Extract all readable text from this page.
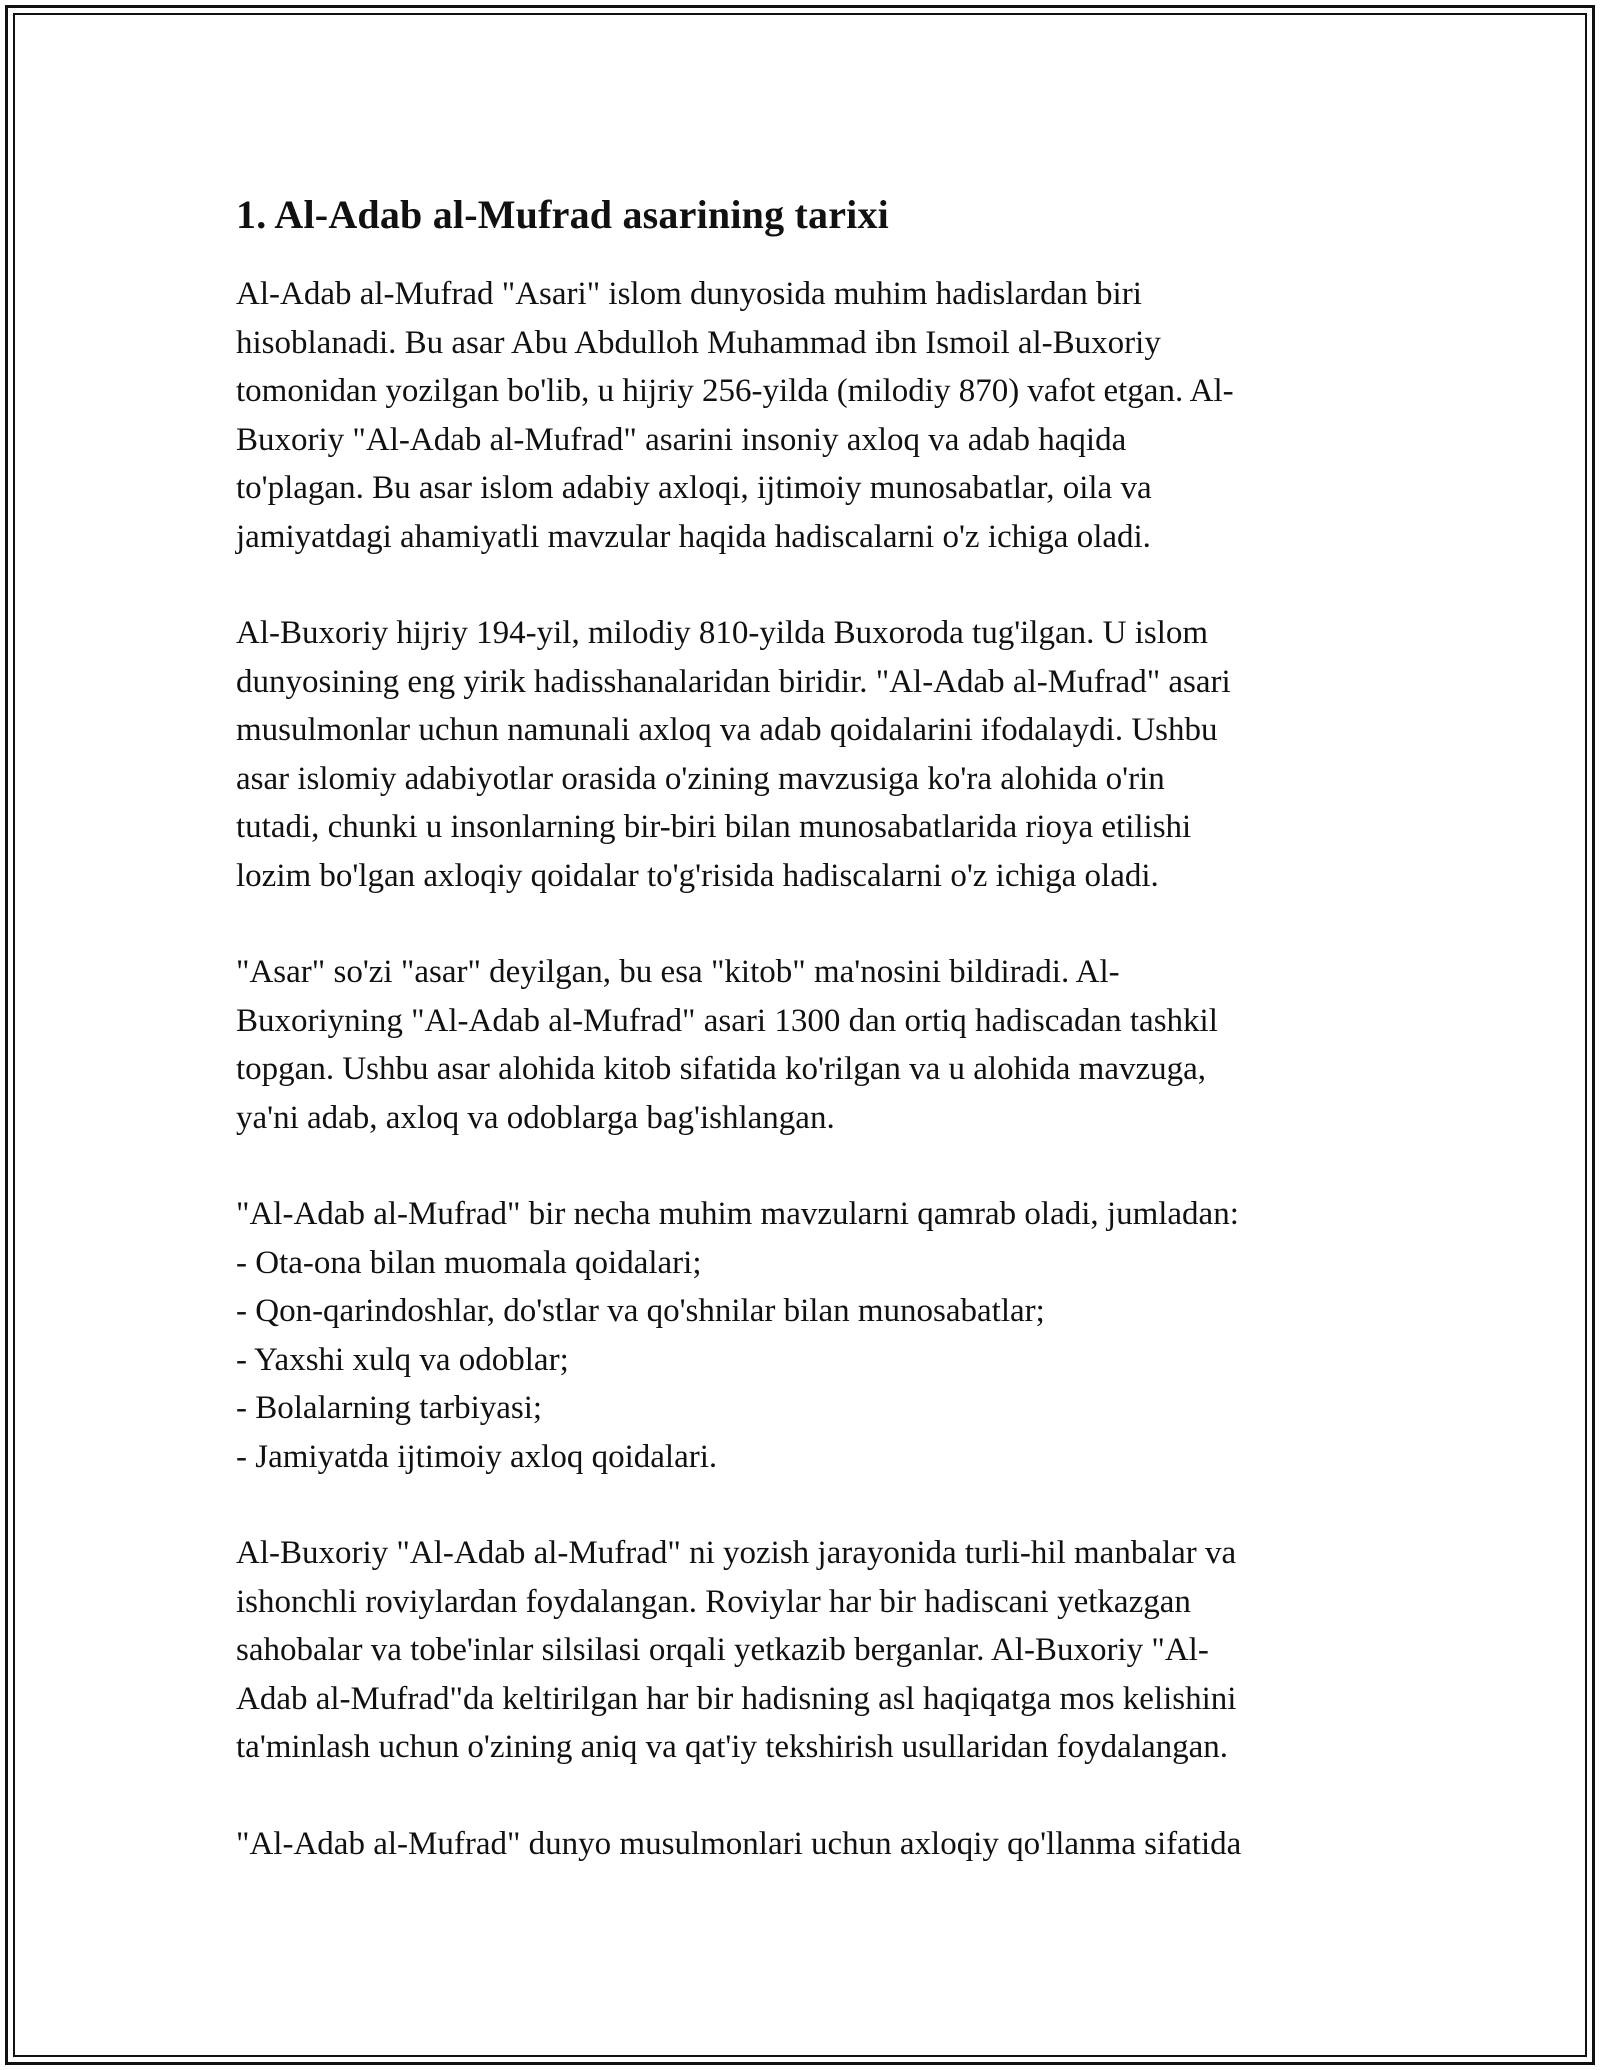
1. Al-Adab al-Mufrad asarining tarixi

Al-Adab al-Mufrad "Asari" islom dunyosida muhim hadislardan biri
hisoblanadi. Bu asar Abu Abdulloh Muhammad ibn Ismoil al-Buxoriy
tomonidan yozilgan bo'lib, u hijriy 256-yilda (milodiy 870) vafot etgan. Al-
Buxoriy "Al-Adab al-Mufrad" asarini insoniy axloq va adab haqida
to'plagan. Bu asar islom adabiy axloqi, ijtimoiy munosabatlar, oila va
jamiyatdagi ahamiyatli mavzular haqida hadiscalarni o'z ichiga oladi.

Al-Buxoriy hijriy 194-yil, milodiy 810-yilda Buxoroda tug'ilgan. U islom
dunyosining eng yirik hadisshanalaridan biridir. "Al-Adab al-Mufrad" asari
musulmonlar uchun namunali axloq va adab qoidalarini ifodalaydi. Ushbu
asar islomiy adabiyotlar orasida o'zining mavzusiga ko'ra alohida o'rin
tutadi, chunki u insonlarning bir-biri bilan munosabatlarida rioya etilishi
lozim bo'lgan axloqiy qoidalar to'g'risida hadiscalarni o'z ichiga oladi.

"Asar" so'zi "asar" deyilgan, bu esa "kitob" ma'nosini bildiradi. Al-
Buxoriyning "Al-Adab al-Mufrad" asari 1300 dan ortiq hadiscadan tashkil
topgan. Ushbu asar alohida kitob sifatida ko'rilgan va u alohida mavzuga,
ya'ni adab, axloq va odoblarga bag'ishlangan.

"Al-Adab al-Mufrad" bir necha muhim mavzularni qamrab oladi, jumladan:
- Ota-ona bilan muomala qoidalari;
- Qon-qarindoshlar, do'stlar va qo'shnilar bilan munosabatlar;
- Yaxshi xulq va odoblar;
- Bolalarning tarbiyasi;
- Jamiyatda ijtimoiy axloq qoidalari.

Al-Buxoriy "Al-Adab al-Mufrad" ni yozish jarayonida turli-hil manbalar va
ishonchli roviylardan foydalangan. Roviylar har bir hadiscani yetkazgan
sahobalar va tobe'inlar silsilasi orqali yetkazib berganlar. Al-Buxoriy "Al-
Adab al-Mufrad"da keltirilgan har bir hadisning asl haqiqatga mos kelishini
ta'minlash uchun o'zining aniq va qat'iy tekshirish usullaridan foydalangan.

"Al-Adab al-Mufrad" dunyo musulmonlari uchun axloqiy qo'llanma sifatida
